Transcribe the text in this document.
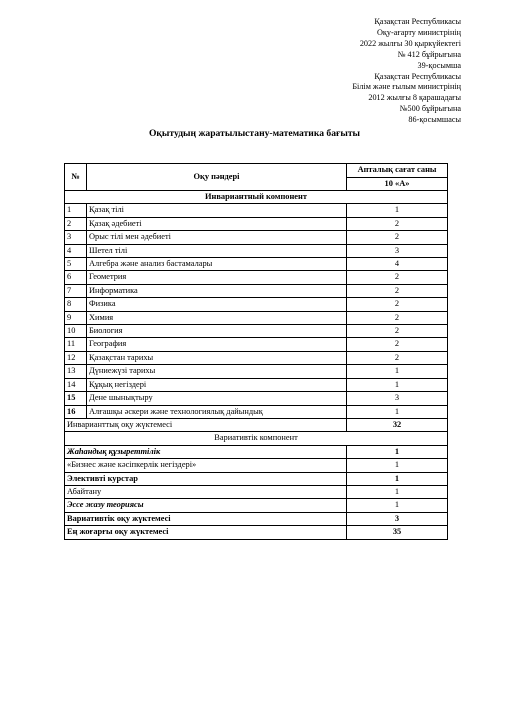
Қазақстан Республикасы
Оқу-ағарту министрінің
2022 жылғы 30 қыркүйектегі
№ 412 бұйрығына
39-қосымша
Қазақстан Республикасы
Білім және ғылым министрінің
2012 жылғы 8 қарашадағы
№500 бұйрығына
86-қосымшасы
Оқытудың жаратылыстану-математика бағыты
№	Оқу пәндері	Апталық сағат саны
		10 «А»
Инвариантный компонент		
1	Қазақ тілі	1
2	Қазақ әдебиеті	2
3	Орыс тілі мен әдебиеті	2
4	Шетел тілі	3
5	Алгебра және анализ бастамалары	4
6	Геометрия	2
7	Информатика	2
8	Физика	2
9	Химия	2
10	Биология	2
11	География	2
12	Қазақстан тарихы	2
13	Дүниежүзі тарихы	1
14	Құқық негіздері	1
15	Дене шынықтыру	3
16	Алғашқы әскери және технологиялық дайындық	1
Инварианттық оқу жүктемесі		32
Вариативтік компонент		
Жаһандық құзыреттілік		1
«Бизнес және кәсіпкерлік негіздері»		1
Элективті курстар		1
Абайтану		1
Эссе жазу теориясы		1
Вариативтік оқу жүктемесі		3
Ең жоғарғы оқу жүктемесі		35
